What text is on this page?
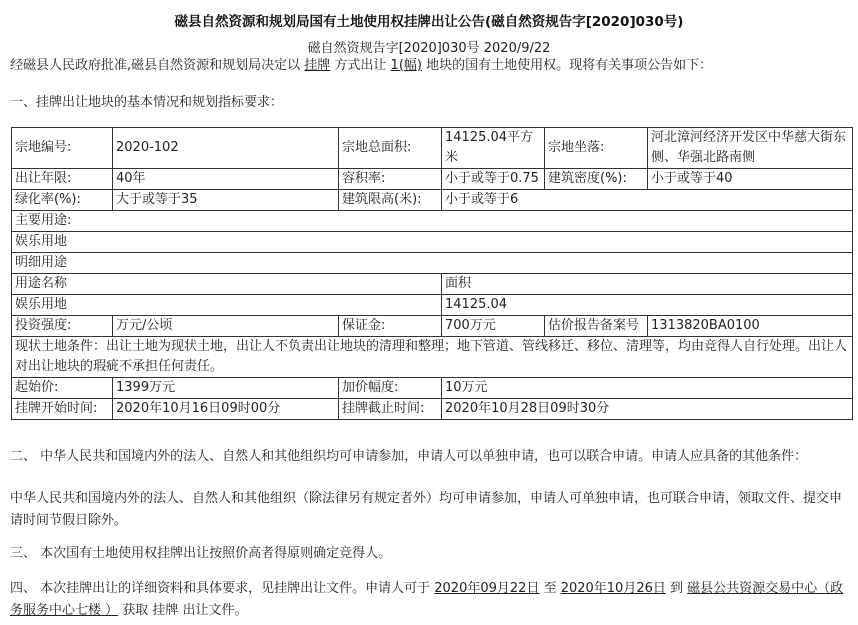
磁县自然资源和规划局国有土地使用权挂牌出让公告(磁自然资规告字[2020]030号)
磁自然资规告字[2020]030号 2020/9/22
经磁县人民政府批准,磁县自然资源和规划局决定以 挂牌 方式出让 1(幅) 地块的国有土地使用权。现将有关事项公告如下：
一、挂牌出让地块的基本情况和规划指标要求：
宗地编号:	2020-102	宗地总面积:	14125.04平方米	宗地坐落:	河北漳河经济开发区中华慈大街东侧、华强北路南侧
出让年限:	40年	容积率:	小于或等于0.75	建筑密度(%):	小于或等于40
绿化率(%):	大于或等于35	建筑限高(米):	小于或等于6		
主要用途:					
娱乐用地					
明细用途					
用途名称			面积		
娱乐用地			14125.04		
投资强度:	万元/公顷	保证金:	700万元	估价报告备案号	1313820BA0100
现状土地条件：出让土地为现状土地，出让人不负责出让地块的清理和整理；地下管道、管线移迁、移位、清理等，均由竞得人自行处理。出让人对出让地块的瑕疵不承担任何责任。					
起始价:	1399万元	加价幅度:	10万元		
挂牌开始时间:	2020年10月16日09时00分	挂牌截止时间:	2020年10月28日09时30分		
二、 中华人民共和国境内外的法人、自然人和其他组织均可申请参加，申请人可以单独申请，也可以联合申请。申请人应具备的其他条件：
中华人民共和国境内外的法人、自然人和其他组织（除法律另有规定者外）均可申请参加，申请人可单独申请，也可联合申请，领取文件、提交申请时间节假日除外。
三、 本次国有土地使用权挂牌出让按照价高者得原则确定竞得人。
四、 本次挂牌出让的详细资料和具体要求，见挂牌出让文件。申请人可于 2020年09月22日 至 2020年10月26日 到 磁县公共资源交易中心（政务服务中心七楼 ） 获取 挂牌 出让文件。
